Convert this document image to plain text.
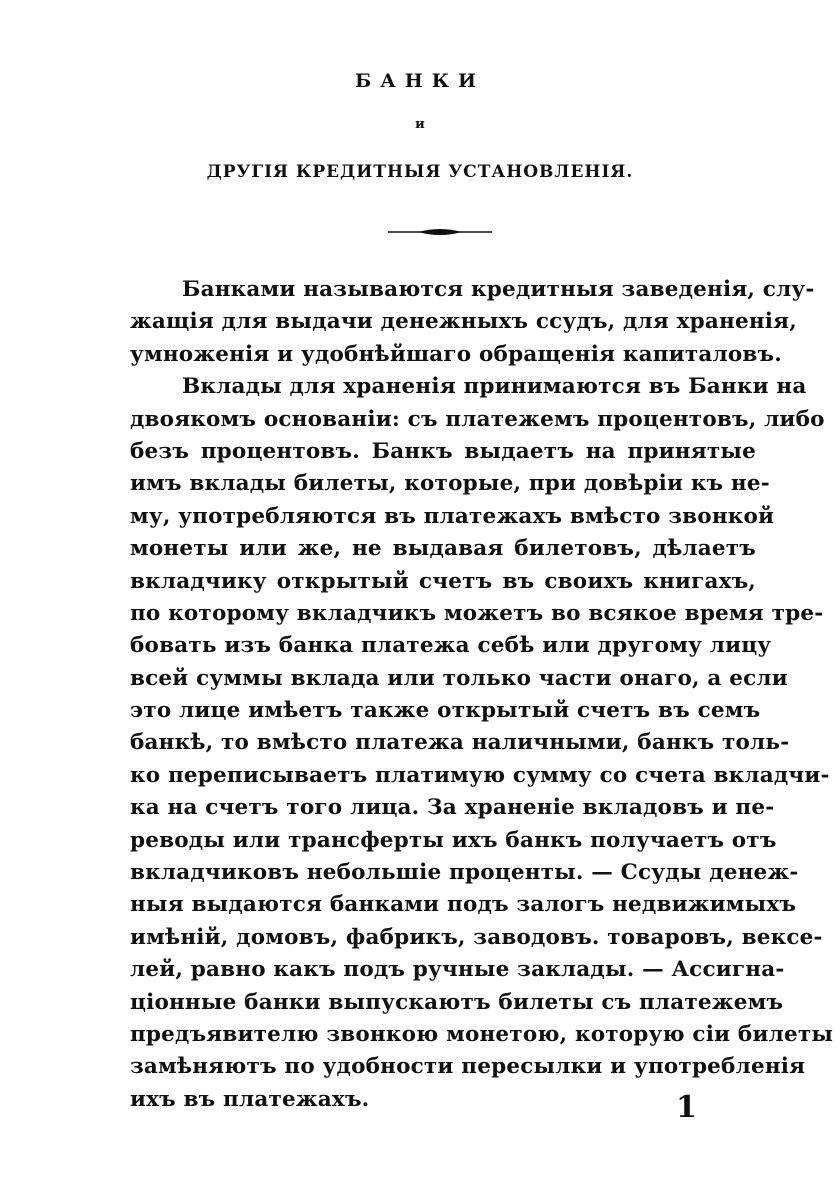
БАНКИ
и
ДРУГІЯ КРЕДИТНЫЯ УСТАНОВЛЕНІЯ.
Банками называются кредитныя заведенія, слу-
жащія для выдачи денежныхъ ссудъ, для храненія,
умноженія и удобнѣйшаго обращенія капиталовъ.
Вклады для храненія принимаются въ Банки на
двоякомъ основаніи: съ платежемъ процентовъ, либо
безъ процентовъ. Банкъ выдаетъ на принятые
имъ вклады билеты, которые, при довѣріи къ не-
му, употребляются въ платежахъ вмѣсто звонкой
монеты или же, не выдавая билетовъ, дѣлаетъ
вкладчику открытый счетъ въ своихъ книгахъ,
по которому вкладчикъ можетъ во всякое время тре-
бовать изъ банка платежа себѣ или другому лицу
всей суммы вклада или только части онаго, а если
это лице имѣетъ также открытый счетъ въ семъ
банкѣ, то вмѣсто платежа наличными, банкъ толь-
ко переписываетъ платимую сумму со счета вкладчи-
ка на счетъ того лица. За храненіе вкладовъ и пе-
реводы или трансферты ихъ банкъ получаетъ отъ
вкладчиковъ небольшіе проценты. — Ссуды денеж-
ныя выдаются банками подъ залогъ недвижимыхъ
имѣній, домовъ, фабрикъ, заводовъ. товаровъ, вексе-
лей, равно какъ подъ ручные заклады. — Ассигна-
ціонные банки выпускаютъ билеты съ платежемъ
предъявителю звонкою монетою, которую сіи билеты
замѣняютъ по удобности пересылки и употребленія
ихъ въ платежахъ.	1
